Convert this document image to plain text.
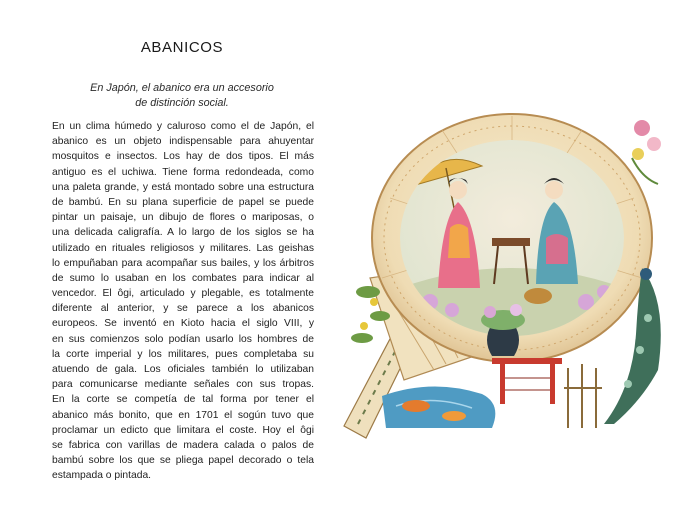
ABANICOS
En Japón, el abanico era un accesorio
de distinción social.
En un clima húmedo y caluroso como el de Japón, el
abanico es un objeto indispensable para ahuyentar
mosquitos e insectos. Los hay de dos tipos. El más
antiguo es el uchiwa. Tiene forma redondeada, como
una paleta grande, y está montado sobre una estructura
de bambú. En su plana superficie de papel se puede
pintar un paisaje, un dibujo de flores o mariposas, o
una delicada caligrafía. A lo largo de los siglos se ha
utilizado en rituales religiosos y militares. Las geishas
lo empuñaban para acompañar sus bailes, y los árbitros
de sumo lo usaban en los combates para indicar al
vencedor. El ôgi, articulado y plegable, es totalmente
diferente al anterior, y se parece a los abanicos
europeos. Se inventó en Kioto hacia el siglo VIII, y
en sus comienzos solo podían usarlo los hombres de
la corte imperial y los militares, pues completaba su
atuendo de gala. Los oficiales también lo utilizaban
para comunicarse mediante señales con sus tropas.
En la corte se competía de tal forma por tener el
abanico más bonito, que en 1701 el sogún tuvo que
proclamar un edicto que limitara el coste. Hoy el ôgi
se fabrica con varillas de madera calada o palos de
bambú sobre los que se pliega papel decorado o tela
estampada o pintada.
